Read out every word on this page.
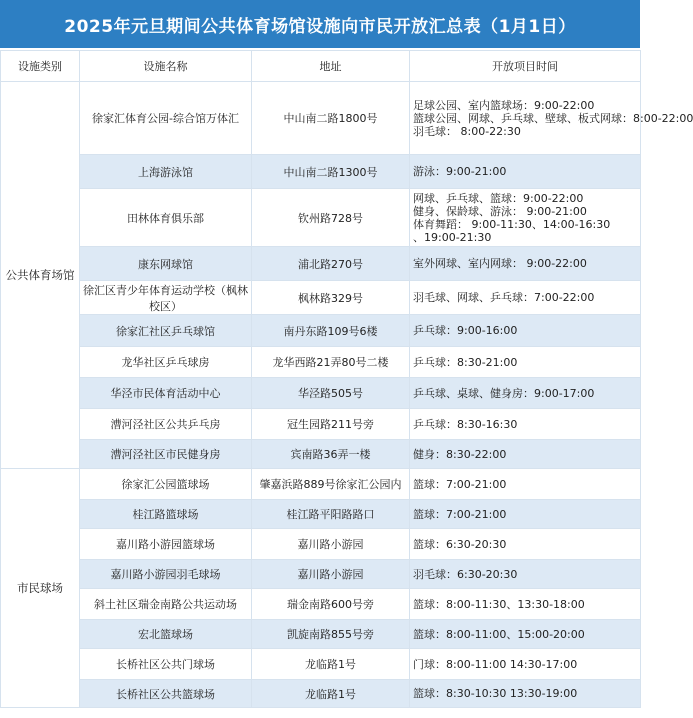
2025年元旦期间公共体育场馆设施向市民开放汇总表（1月1日）
设施类别	设施名称	地址	开放项目时间
公共体育场馆	徐家汇体育公园-综合馆万体汇	中山南二路1800号	足球公园、室内篮球场：9:00-22:00
篮球公园、网球、乒乓球、壁球、板式网球：8:00-22:00
羽毛球： 8:00-22:30

	上海游泳馆	中山南二路1300号	游泳：9:00-21:00

	田林体育俱乐部	钦州路728号	网球、乒乓球、篮球：9:00-22:00
健身、保龄球、游泳： 9:00-21:00
体育舞蹈： 9:00-11:30、14:00-16:30
、19:00-21:30

	康东网球馆	浦北路270号	室外网球、室内网球： 9:00-22:00

	徐汇区青少年体育运动学校（枫林校区）	枫林路329号	羽毛球、网球、乒乓球：7:00-22:00

	徐家汇社区乒乓球馆	南丹东路109号6楼	乒乓球：9:00-16:00

	龙华社区乒乓球房	龙华西路21弄80号二楼	乒乓球：8:30-21:00

	华泾市民体育活动中心	华泾路505号	乒乓球、桌球、健身房：9:00-17:00

	漕河泾社区公共乒乓房	冠生园路211号旁	乒乓球：8:30-16:30

	漕河泾社区市民健身房	宾南路36弄一楼	健身：8:30-22:00

市民球场	徐家汇公园篮球场	肇嘉浜路889号徐家汇公园内	篮球：7:00-21:00

	桂江路篮球场	桂江路平阳路路口	篮球：7:00-21:00

	嘉川路小游园篮球场	嘉川路小游园	篮球：6:30-20:30

	嘉川路小游园羽毛球场	嘉川路小游园	羽毛球：6:30-20:30

	斜土社区瑞金南路公共运动场	瑞金南路600号旁	篮球：8:00-11:30、13:30-18:00

	宏北篮球场	凯旋南路855号旁	篮球：8:00-11:00、15:00-20:00

	长桥社区公共门球场	龙临路1号	门球：8:00-11:00 14:30-17:00

	长桥社区公共篮球场	龙临路1号	篮球：8:30-10:30 13:30-19:00
